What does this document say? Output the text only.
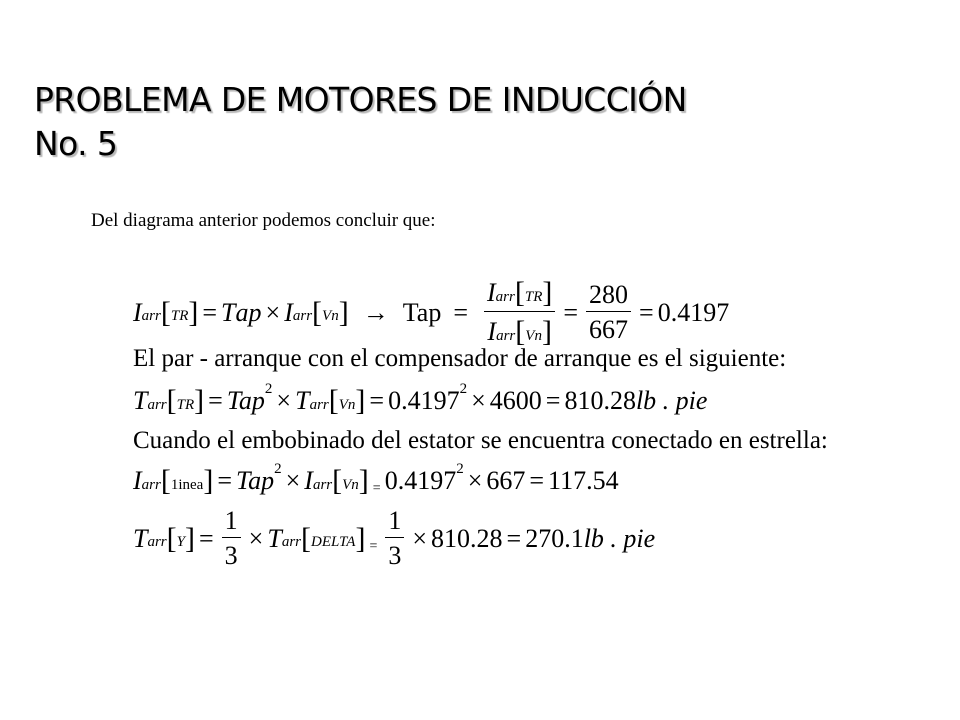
PROBLEMA DE MOTORES DE INDUCCIÓN
No. 5

Del diagrama anterior podemos concluir que:

I arr [ TR ] = T ap × I arr [ Vn ] → Tap = $\frac{\text{I arr [ TR ]}}{\text{I arr [ Vn ]}} = \frac{280}{667} = 0.4197$
El par - arranque con el compensador de arranque es el siguiente:
T arr [ TR ] = Tap 2 × T arr [ Vn ] = 0.4197 2 × 4600 = 810.28 lb . pie
Cuando el embobinado del estator se encuentra conectado en estrella:
I arr [ 1inea ] = Tap 2 × I arr [ Vn ] = 0.4197 2 × 667 = 117.54
T arr [ Y ] = $\frac{1}{3} \times T$ arr [ DELTA ] = $\frac{1}{3} \times 810.28 = 270.1$ lb . pie
